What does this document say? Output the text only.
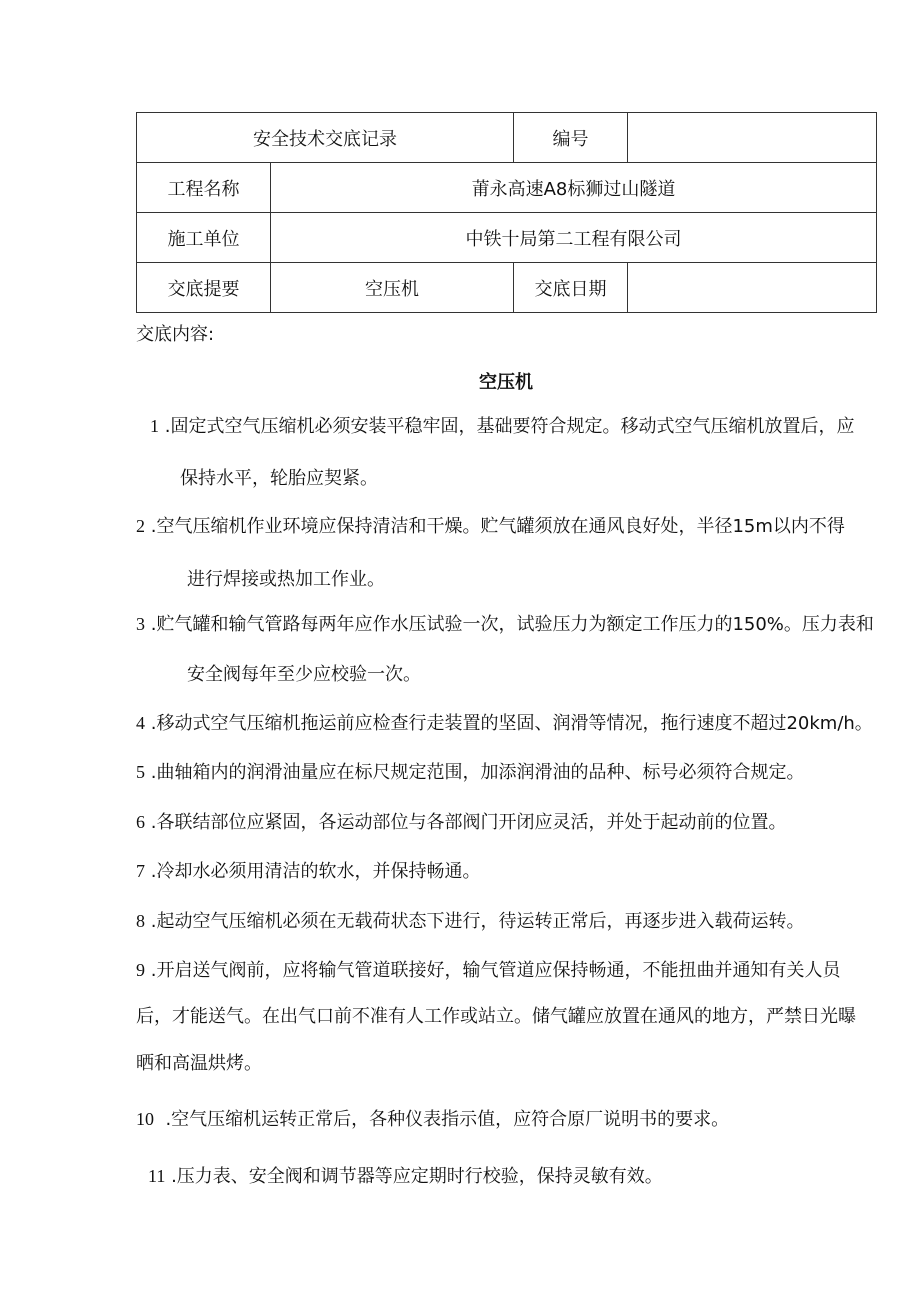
安全技术交底记录		编号	
工程名称	莆永高速A8标狮过山隧道		
施工单位	中铁十局第二工程有限公司		
交底提要	空压机	交底日期	
交底内容:
空压机
1 .固定式空气压缩机必须安装平稳牢固，基础要符合规定。移动式空气压缩机放置后，应
保持水平，轮胎应契紧。
2 .空气压缩机作业环境应保持清洁和干燥。贮气罐须放在通风良好处，半径15m以内不得
进行焊接或热加工作业。
3 .贮气罐和输气管路每两年应作水压试验一次，试验压力为额定工作压力的150%。压力表和
安全阀每年至少应校验一次。
4 .移动式空气压缩机拖运前应检查行走装置的坚固、润滑等情况，拖行速度不超过20km/h。
5 .曲轴箱内的润滑油量应在标尺规定范围，加添润滑油的品种、标号必须符合规定。
6 .各联结部位应紧固，各运动部位与各部阀门开闭应灵活，并处于起动前的位置。
7 .冷却水必须用清洁的软水，并保持畅通。
8 .起动空气压缩机必须在无载荷状态下进行，待运转正常后，再逐步进入载荷运转。
9 .开启送气阀前，应将输气管道联接好，输气管道应保持畅通，不能扭曲并通知有关人员
后，才能送气。在出气口前不准有人工作或站立。储气罐应放置在通风的地方，严禁日光曝
晒和高温烘烤。
10 .空气压缩机运转正常后，各种仪表指示值，应符合原厂说明书的要求。
11 .压力表、安全阀和调节器等应定期时行校验，保持灵敏有效。
